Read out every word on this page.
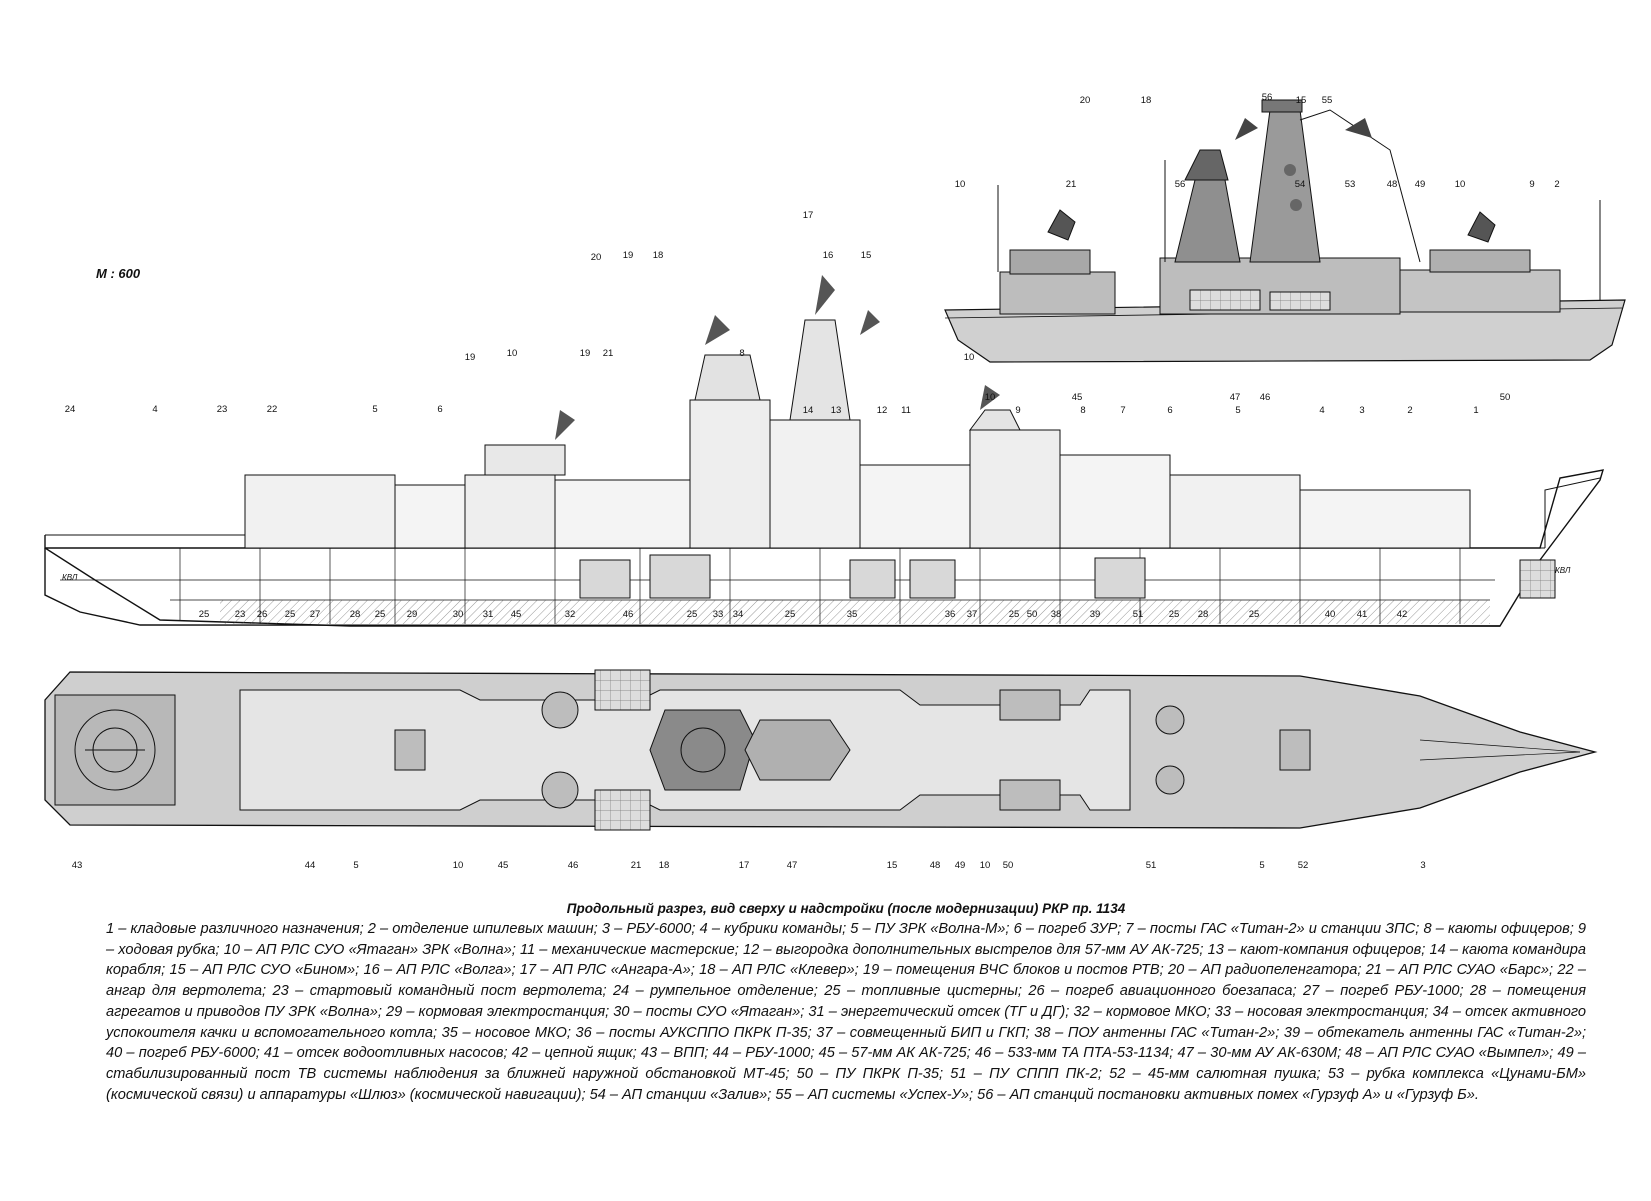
М : 600
КВЛ
КВЛ
24	4	23	22	5	6
19	10	19 21
20 19 18
8
17
16	15
14 13	12 11
10
9	8	7	6	5	4	3	2	1
25	23 26 25 27	28 25 29	30 31 45	32	46	25 33 34	25	35	36 37	25 50 38	39	51	25 28	25	40 41	42
43	44	5	10	45	46	21 18	17	47	15	48 49 10 50	51	5	52	3
20	18	56 15 55
10	21	56	54	53	48 49	10	9 2
10	45	46
47	50
Продольный разрез, вид сверху и надстройки (после модернизации) РКР пр. 1134

1 – кладовые различного назначения; 2 – отделение шпилевых машин; 3 – РБУ-6000; 4 – кубрики команды; 5 – ПУ ЗРК «Волна-М»; 6 – погреб ЗУР; 7 – посты ГАС «Титан-2» и станции ЗПС; 8 – каюты офицеров; 9 – ходовая рубка; 10 – АП РЛС СУО «Ятаган» ЗРК «Волна»; 11 – механические мастерские; 12 – выгородка дополнительных выстрелов для 57-мм АУ АК-725; 13 – кают-компания офицеров; 14 – каюта командира корабля; 15 – АП РЛС СУО «Бином»; 16 – АП РЛС «Волга»; 17 – АП РЛС «Ангара-А»; 18 – АП РЛС «Клевер»; 19 – помещения ВЧС блоков и постов РТВ; 20 – АП радиопеленгатора; 21 – АП РЛС СУАО «Барс»; 22 – ангар для вертолета; 23 – стартовый командный пост вертолета; 24 – румпельное отделение; 25 – топливные цистерны; 26 – погреб авиационного боезапаса; 27 – погреб РБУ-1000; 28 – помещения агрегатов и приводов ПУ ЗРК «Волна»; 29 – кормовая электростанция; 30 – посты СУО «Ятаган»; 31 – энергетический отсек (ТГ и ДГ); 32 – кормовое МКО; 33 – носовая электростанция; 34 – отсек активного успокоителя качки и вспомогательного котла; 35 – носовое МКО; 36 – посты АУКСППО ПКРК П-35; 37 – совмещенный БИП и ГКП; 38 – ПОУ антенны ГАС «Титан-2»; 39 – обтекатель антенны ГАС «Титан-2»; 40 – погреб РБУ-6000; 41 – отсек водоотливных насосов; 42 – цепной ящик; 43 – ВПП; 44 – РБУ-1000; 45 – 57-мм АК АК-725; 46 – 533-мм ТА ПТА-53-1134; 47 – 30-мм АУ АК-630М; 48 – АП РЛС СУАО «Вымпел»; 49 – стабилизированный пост ТВ системы наблюдения за ближней наружной обстановкой МТ-45; 50 – ПУ ПКРК П-35; 51 – ПУ СППП ПК-2; 52 – 45-мм салютная пушка; 53 – рубка комплекса «Цунами-БМ» (космической связи) и аппаратуры «Шлюз» (космической навигации); 54 – АП станции «Залив»; 55 – АП системы «Успех-У»; 56 – АП станций постановки активных помех «Гурзуф А» и «Гурзуф Б».
